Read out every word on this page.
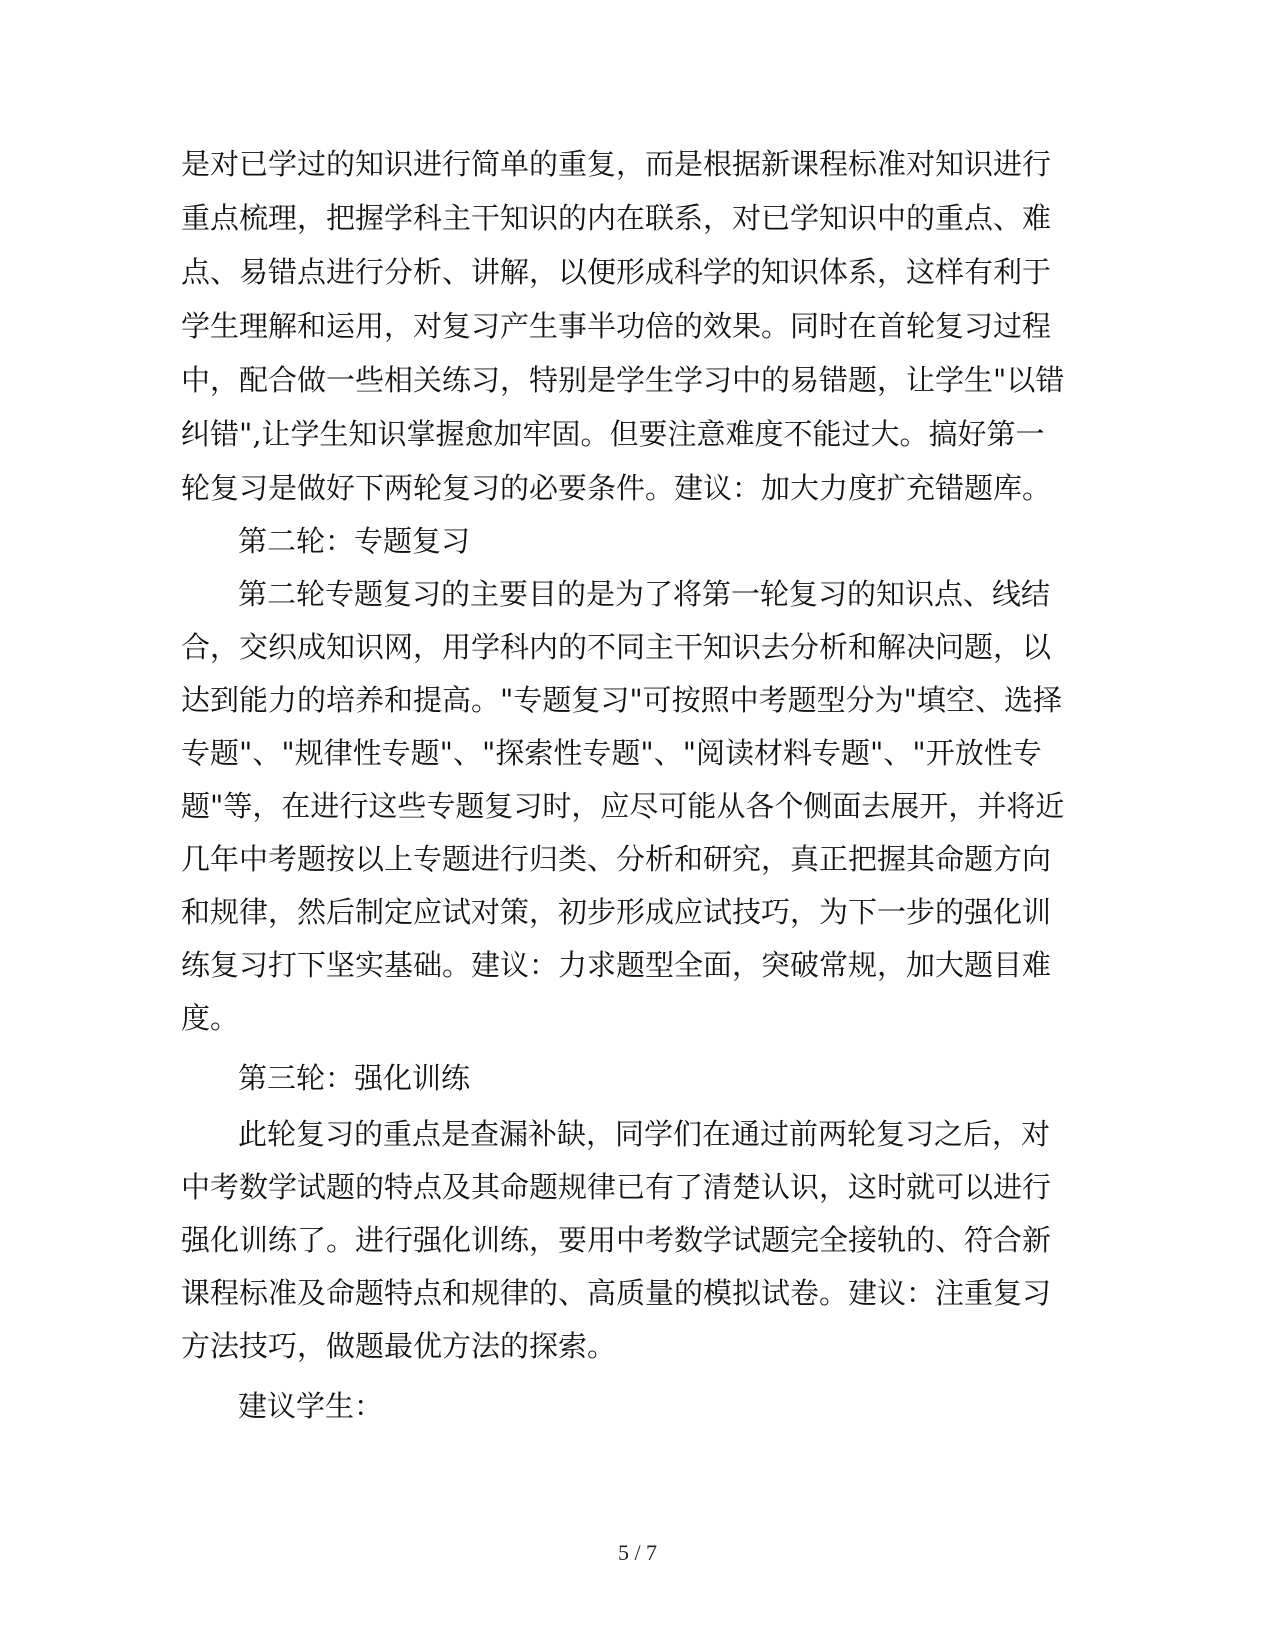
是对已学过的知识进行简单的重复，而是根据新课程标准对知识进行
重点梳理，把握学科主干知识的内在联系，对已学知识中的重点、难
点、易错点进行分析、讲解，以便形成科学的知识体系，这样有利于
学生理解和运用，对复习产生事半功倍的效果。同时在首轮复习过程
中，配合做一些相关练习，特别是学生学习中的易错题，让学生"以错
纠错",让学生知识掌握愈加牢固。但要注意难度不能过大。搞好第一
轮复习是做好下两轮复习的必要条件。建议：加大力度扩充错题库。
第二轮：专题复习
第二轮专题复习的主要目的是为了将第一轮复习的知识点、线结
合，交织成知识网，用学科内的不同主干知识去分析和解决问题，以
达到能力的培养和提高。"专题复习"可按照中考题型分为"填空、选择
专题"、"规律性专题"、"探索性专题"、"阅读材料专题"、"开放性专
题"等，在进行这些专题复习时，应尽可能从各个侧面去展开，并将近
几年中考题按以上专题进行归类、分析和研究，真正把握其命题方向
和规律，然后制定应试对策，初步形成应试技巧，为下一步的强化训
练复习打下坚实基础。建议：力求题型全面，突破常规，加大题目难
度。
第三轮：强化训练
此轮复习的重点是查漏补缺，同学们在通过前两轮复习之后，对
中考数学试题的特点及其命题规律已有了清楚认识，这时就可以进行
强化训练了。进行强化训练，要用中考数学试题完全接轨的、符合新
课程标准及命题特点和规律的、高质量的模拟试卷。建议：注重复习
方法技巧，做题最优方法的探索。
建议学生：
5 / 7
